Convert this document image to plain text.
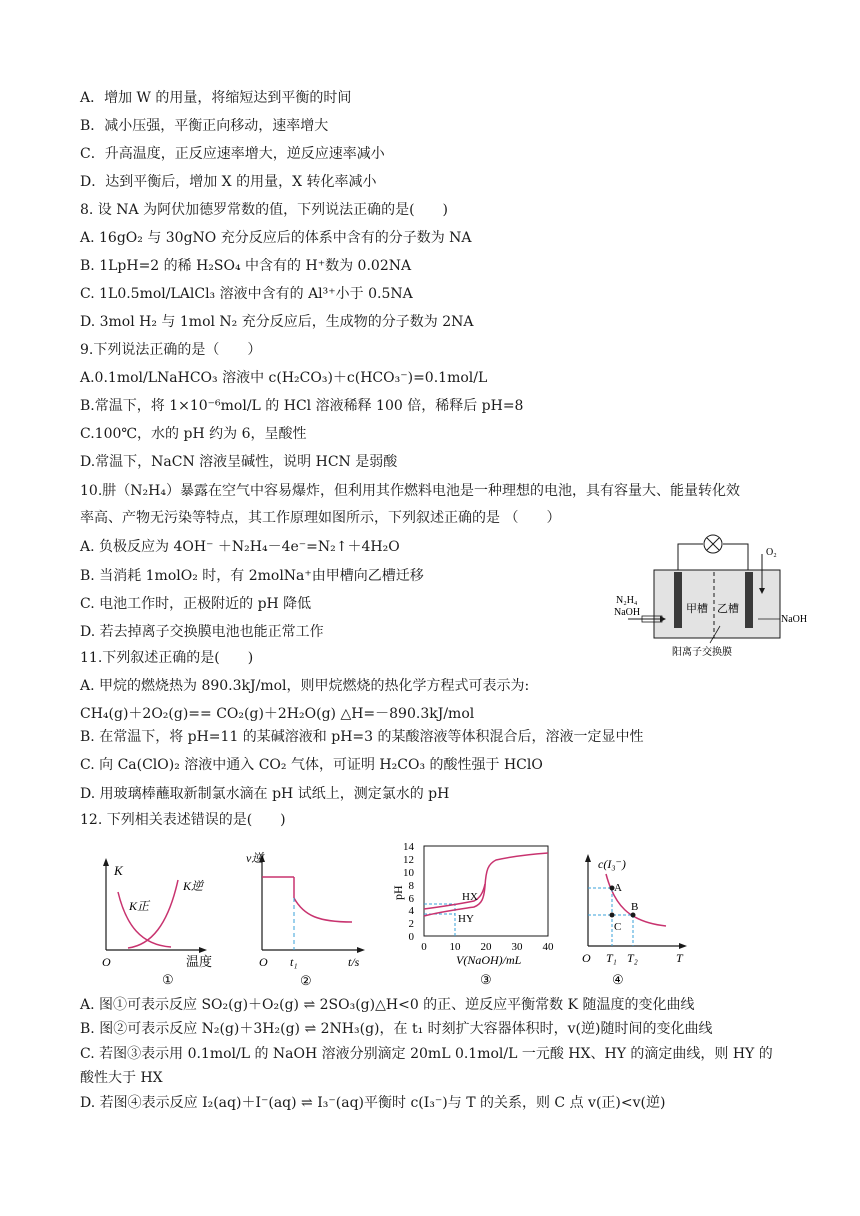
A．增加 W 的用量，将缩短达到平衡的时间
B．减小压强，平衡正向移动，速率增大
C．升高温度，正反应速率增大，逆反应速率减小
D．达到平衡后，增加 X 的用量，X 转化率减小
8. 设 NA 为阿伏加德罗常数的值，下列说法正确的是(　　)
A. 16gO₂ 与 30gNO 充分反应后的体系中含有的分子数为 NA
B. 1LpH=2 的稀 H₂SO₄ 中含有的 H⁺数为 0.02NA
C. 1L0.5mol/LAlCl₃ 溶液中含有的 Al³⁺小于 0.5NA
D. 3mol H₂ 与 1mol N₂ 充分反应后，生成物的分子数为 2NA
9.下列说法正确的是（　　）
A.0.1mol/LNaHCO₃ 溶液中 c(H₂CO₃)＋c(HCO₃⁻)=0.1mol/L
B.常温下，将 1×10⁻⁶mol/L 的 HCl 溶液稀释 100 倍，稀释后 pH=8
C.100℃，水的 pH 约为 6，呈酸性
D.常温下，NaCN 溶液呈碱性，说明 HCN 是弱酸
10.肼（N₂H₄）暴露在空气中容易爆炸，但利用其作燃料电池是一种理想的电池，具有容量大、能量转化效
率高、产物无污染等特点，其工作原理如图所示，下列叙述正确的是 （　　）
A. 负极反应为 4OH⁻ ＋N₂H₄－4e⁻=N₂↑＋4H₂O
B. 当消耗 1molO₂ 时，有 2molNa⁺由甲槽向乙槽迁移
C. 电池工作时，正极附近的 pH 降低
D. 若去掉离子交换膜电池也能正常工作
O₂
N₂H₄
NaOH	甲槽 乙槽
NaOH
阳离子交换膜
11.下列叙述正确的是(　　)
A. 甲烷的燃烧热为 890.3kJ/mol，则甲烷燃烧的热化学方程式可表示为:
CH₄(g)＋2O₂(g)== CO₂(g)＋2H₂O(g) △H=－890.3kJ/mol
B. 在常温下，将 pH=11 的某碱溶液和 pH=3 的某酸溶液等体积混合后，溶液一定显中性
C. 向 Ca(ClO)₂ 溶液中通入 CO₂ 气体，可证明 H₂CO₃ 的酸性强于 HClO
D. 用玻璃棒蘸取新制氯水滴在 pH 试纸上，测定氯水的 pH
12. 下列相关表述错误的是(　　)
K
K正
K逆
O	温度
①
v逆
O t₁	t/s
②
0
2
4
6
8
10
12
14
0 10 20 30 40
pH
V(NaOH)/mL
HX
HY
③
c(I₃⁻)
A
B
C
O T₁ T₂	T
④
A. 图①可表示反应 SO₂(g)＋O₂(g) ⇌ 2SO₃(g)△H<0 的正、逆反应平衡常数 K 随温度的变化曲线
B. 图②可表示反应 N₂(g)＋3H₂(g) ⇌ 2NH₃(g)，在 t₁ 时刻扩大容器体积时，v(逆)随时间的变化曲线
C. 若图③表示用 0.1mol/L 的 NaOH 溶液分别滴定 20mL 0.1mol/L 一元酸 HX、HY 的滴定曲线，则 HY 的
酸性大于 HX
D. 若图④表示反应 I₂(aq)＋I⁻(aq) ⇌ I₃⁻(aq)平衡时 c(I₃⁻)与 T 的关系，则 C 点 v(正)<v(逆)
